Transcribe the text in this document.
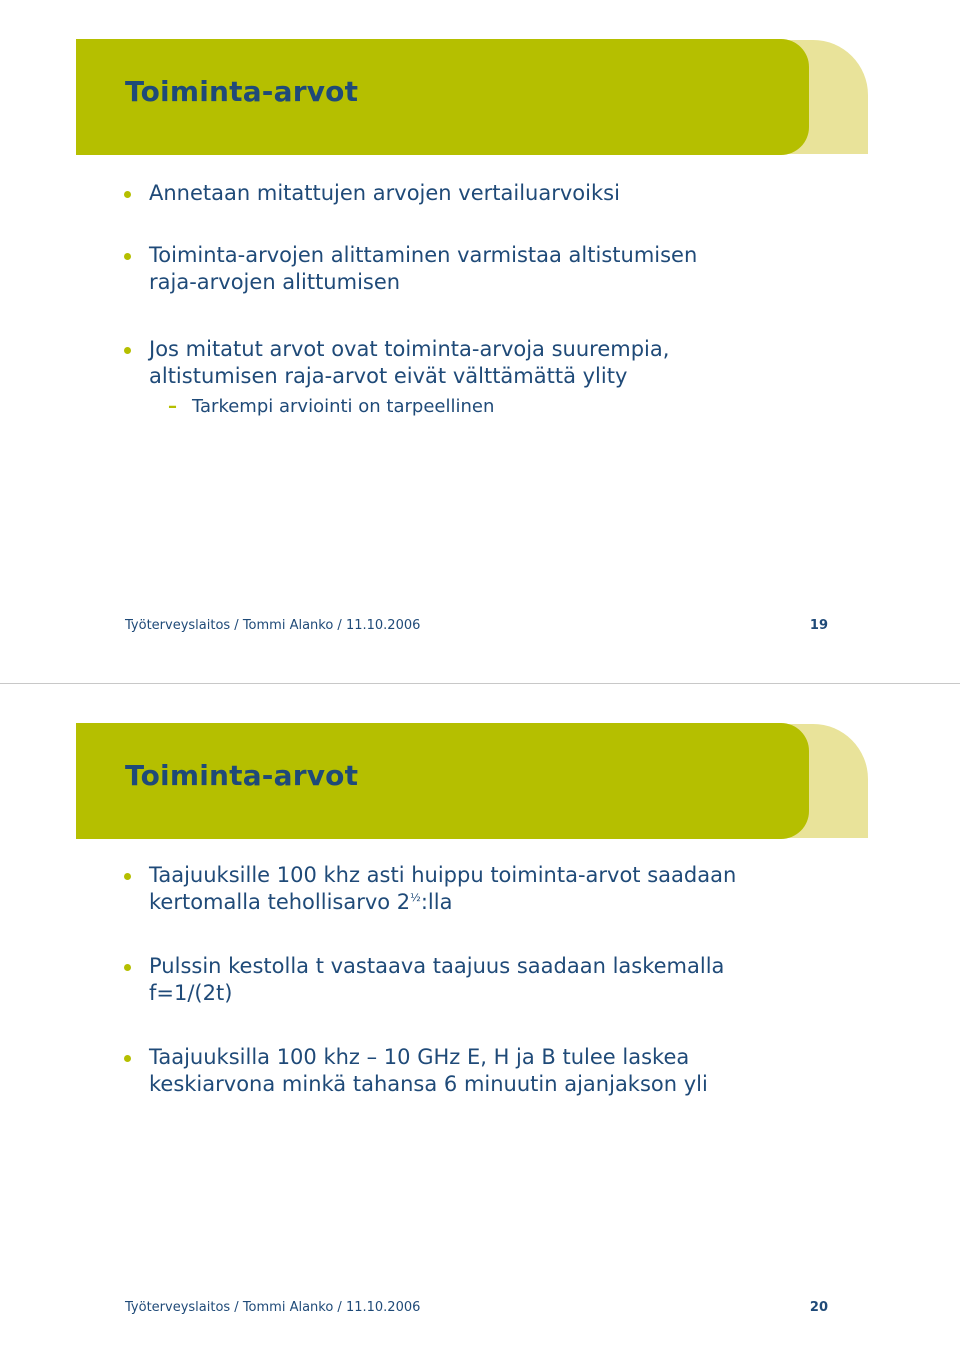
Toiminta-arvot
Annetaan mitattujen arvojen vertailuarvoiksi
Toiminta-arvojen alittaminen varmistaa altistumisen
raja-arvojen alittumisen
Jos mitatut arvot ovat toiminta-arvoja suurempia,
altistumisen raja-arvot eivät välttämättä ylity
– Tarkempi arviointi on tarpeellinen
Työterveyslaitos / Tommi Alanko / 11.10.2006	19
Toiminta-arvot
Taajuuksille 100 khz asti huippu toiminta-arvot saadaan
kertomalla tehollisarvo $2^{\frac{1}{2}}:lla$
Pulssin kestolla t vastaava taajuus saadaan laskemalla
f=1/(2t)
Taajuuksilla 100 khz – 10 GHz E, H ja B tulee laskea
keskiarvona minkä tahansa 6 minuutin ajanjakson yli
Työterveyslaitos / Tommi Alanko / 11.10.2006	20
